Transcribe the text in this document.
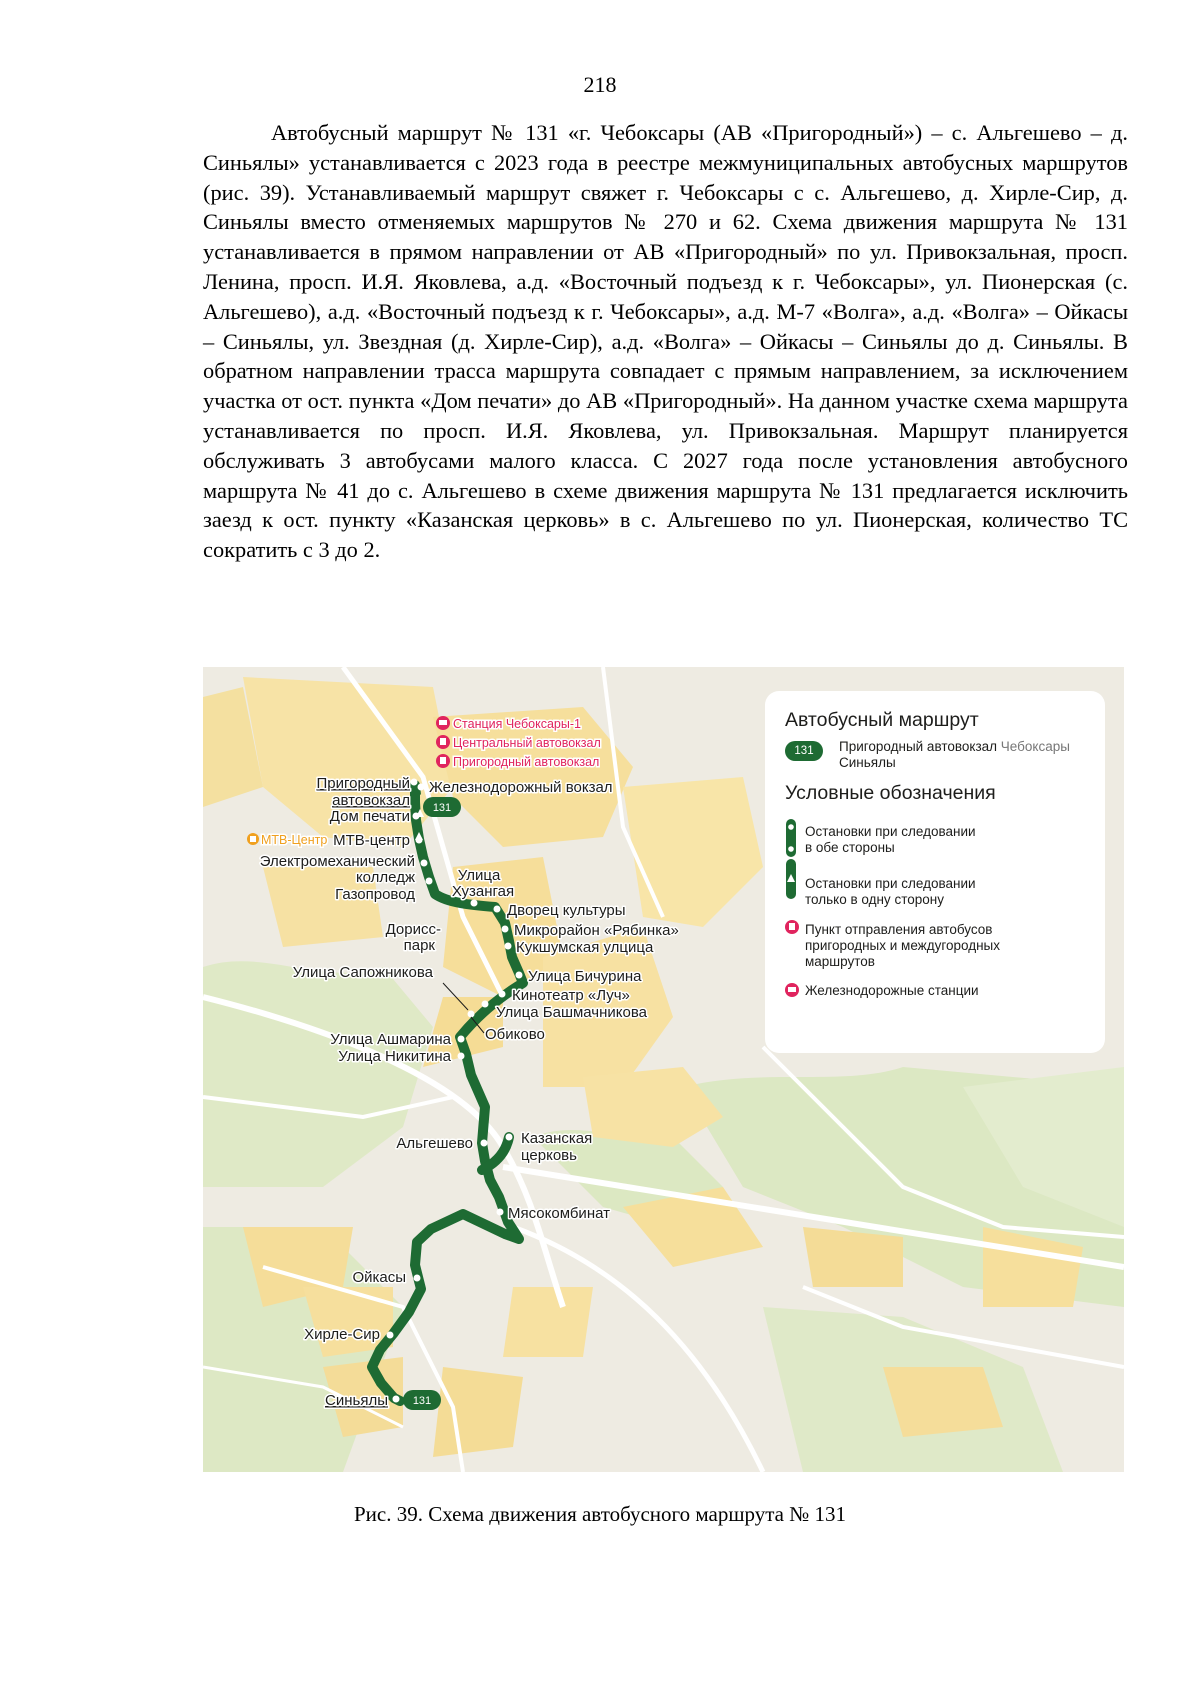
218

Автобусный маршрут № 131 «г. Чебоксары (АВ «Пригородный») – с. Альгешево – д. Синьялы» устанавливается с 2023 года в реестре межмуниципальных автобусных маршрутов (рис. 39). Устанавливаемый маршрут свяжет г. Чебоксары с с. Альгешево, д. Хирле-Сир, д. Синьялы вместо отменяемых маршрутов № 270 и 62. Схема движения маршрута № 131 устанавливается в прямом направлении от АВ «Пригородный» по ул. Привокзальная, просп. Ленина, просп. И.Я. Яковлева, а.д. «Восточный подъезд к г. Чебоксары», ул. Пионерская (с. Альгешево), а.д. «Восточный подъезд к г. Чебоксары», а.д. М-7 «Волга», а.д. «Волга» – Ойкасы – Синьялы, ул. Звездная (д. Хирле-Сир), а.д. «Волга» – Ойкасы – Синьялы до д. Синьялы. В обратном направлении трасса маршрута совпадает с прямым направлением, за исключением участка от ост. пункта «Дом печати» до АВ «Пригородный». На данном участке схема маршрута устанавливается по просп. И.Я. Яковлева, ул. Привокзальная. Маршрут планируется обслуживать 3 автобусами малого класса. С 2027 года после установления автобусного маршрута № 41 до с. Альгешево в схеме движения маршрута № 131 предлагается исключить заезд к ост. пункту «Казанская церковь» в с. Альгешево по ул. Пионерская, количество ТС сократить с 3 до 2.

131
131
Станция Чебоксары-1
Центральный автовокзал
Пригородный автовокзал
МТВ-Центр
Пригородный
автовокзал
Железнодорожный вокзал
Дом печати
МТВ-центр
Электромеханический
колледж
Газопровод
Улица
Хузангая
Дворец культуры
Микрорайон «Рябинка»
Кукшумская улцица
Дорисс-
парк
Улица Сапожникова	Улица Бичурина
Кинотеатр «Луч»
Улица Башмачникова
Обиково
Улица Ашмарина
Улица Никитина
Альгешево	Казанская
церковь
Мясокомбинат
Ойкасы
Хирле-Сир
Синьялы
Автобусный маршрут
131	Пригородный автовокзал Чебоксары
Синьялы
Условные обозначения
Остановки при следовании
в обе стороны
Остановки при следовании
только в одну сторону
Пункт отправления автобусов
пригородных и междугородных
маршрутов
Железнодорожные станции
Рис. 39. Схема движения автобусного маршрута № 131
